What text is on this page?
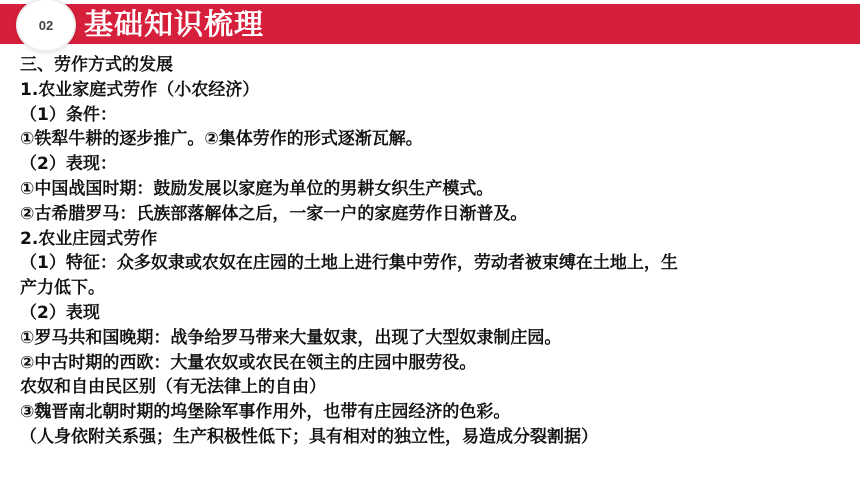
基础知识梳理
02
三、劳作方式的发展
1.农业家庭式劳作（小农经济）
（1）条件：
①铁犁牛耕的逐步推广。②集体劳作的形式逐渐瓦解。
（2）表现：
①中国战国时期：鼓励发展以家庭为单位的男耕女织生产模式。
②古希腊罗马：氏族部落解体之后，一家一户的家庭劳作日渐普及。
2.农业庄园式劳作
（1）特征：众多奴隶或农奴在庄园的土地上进行集中劳作，劳动者被束缚在土地上，生
产力低下。
（2）表现
①罗马共和国晚期：战争给罗马带来大量奴隶，出现了大型奴隶制庄园。
②中古时期的西欧：大量农奴或农民在领主的庄园中服劳役。
农奴和自由民区别（有无法律上的自由）
③魏晋南北朝时期的坞堡除军事作用外，也带有庄园经济的色彩。
（人身依附关系强；生产积极性低下；具有相对的独立性，易造成分裂割据）
